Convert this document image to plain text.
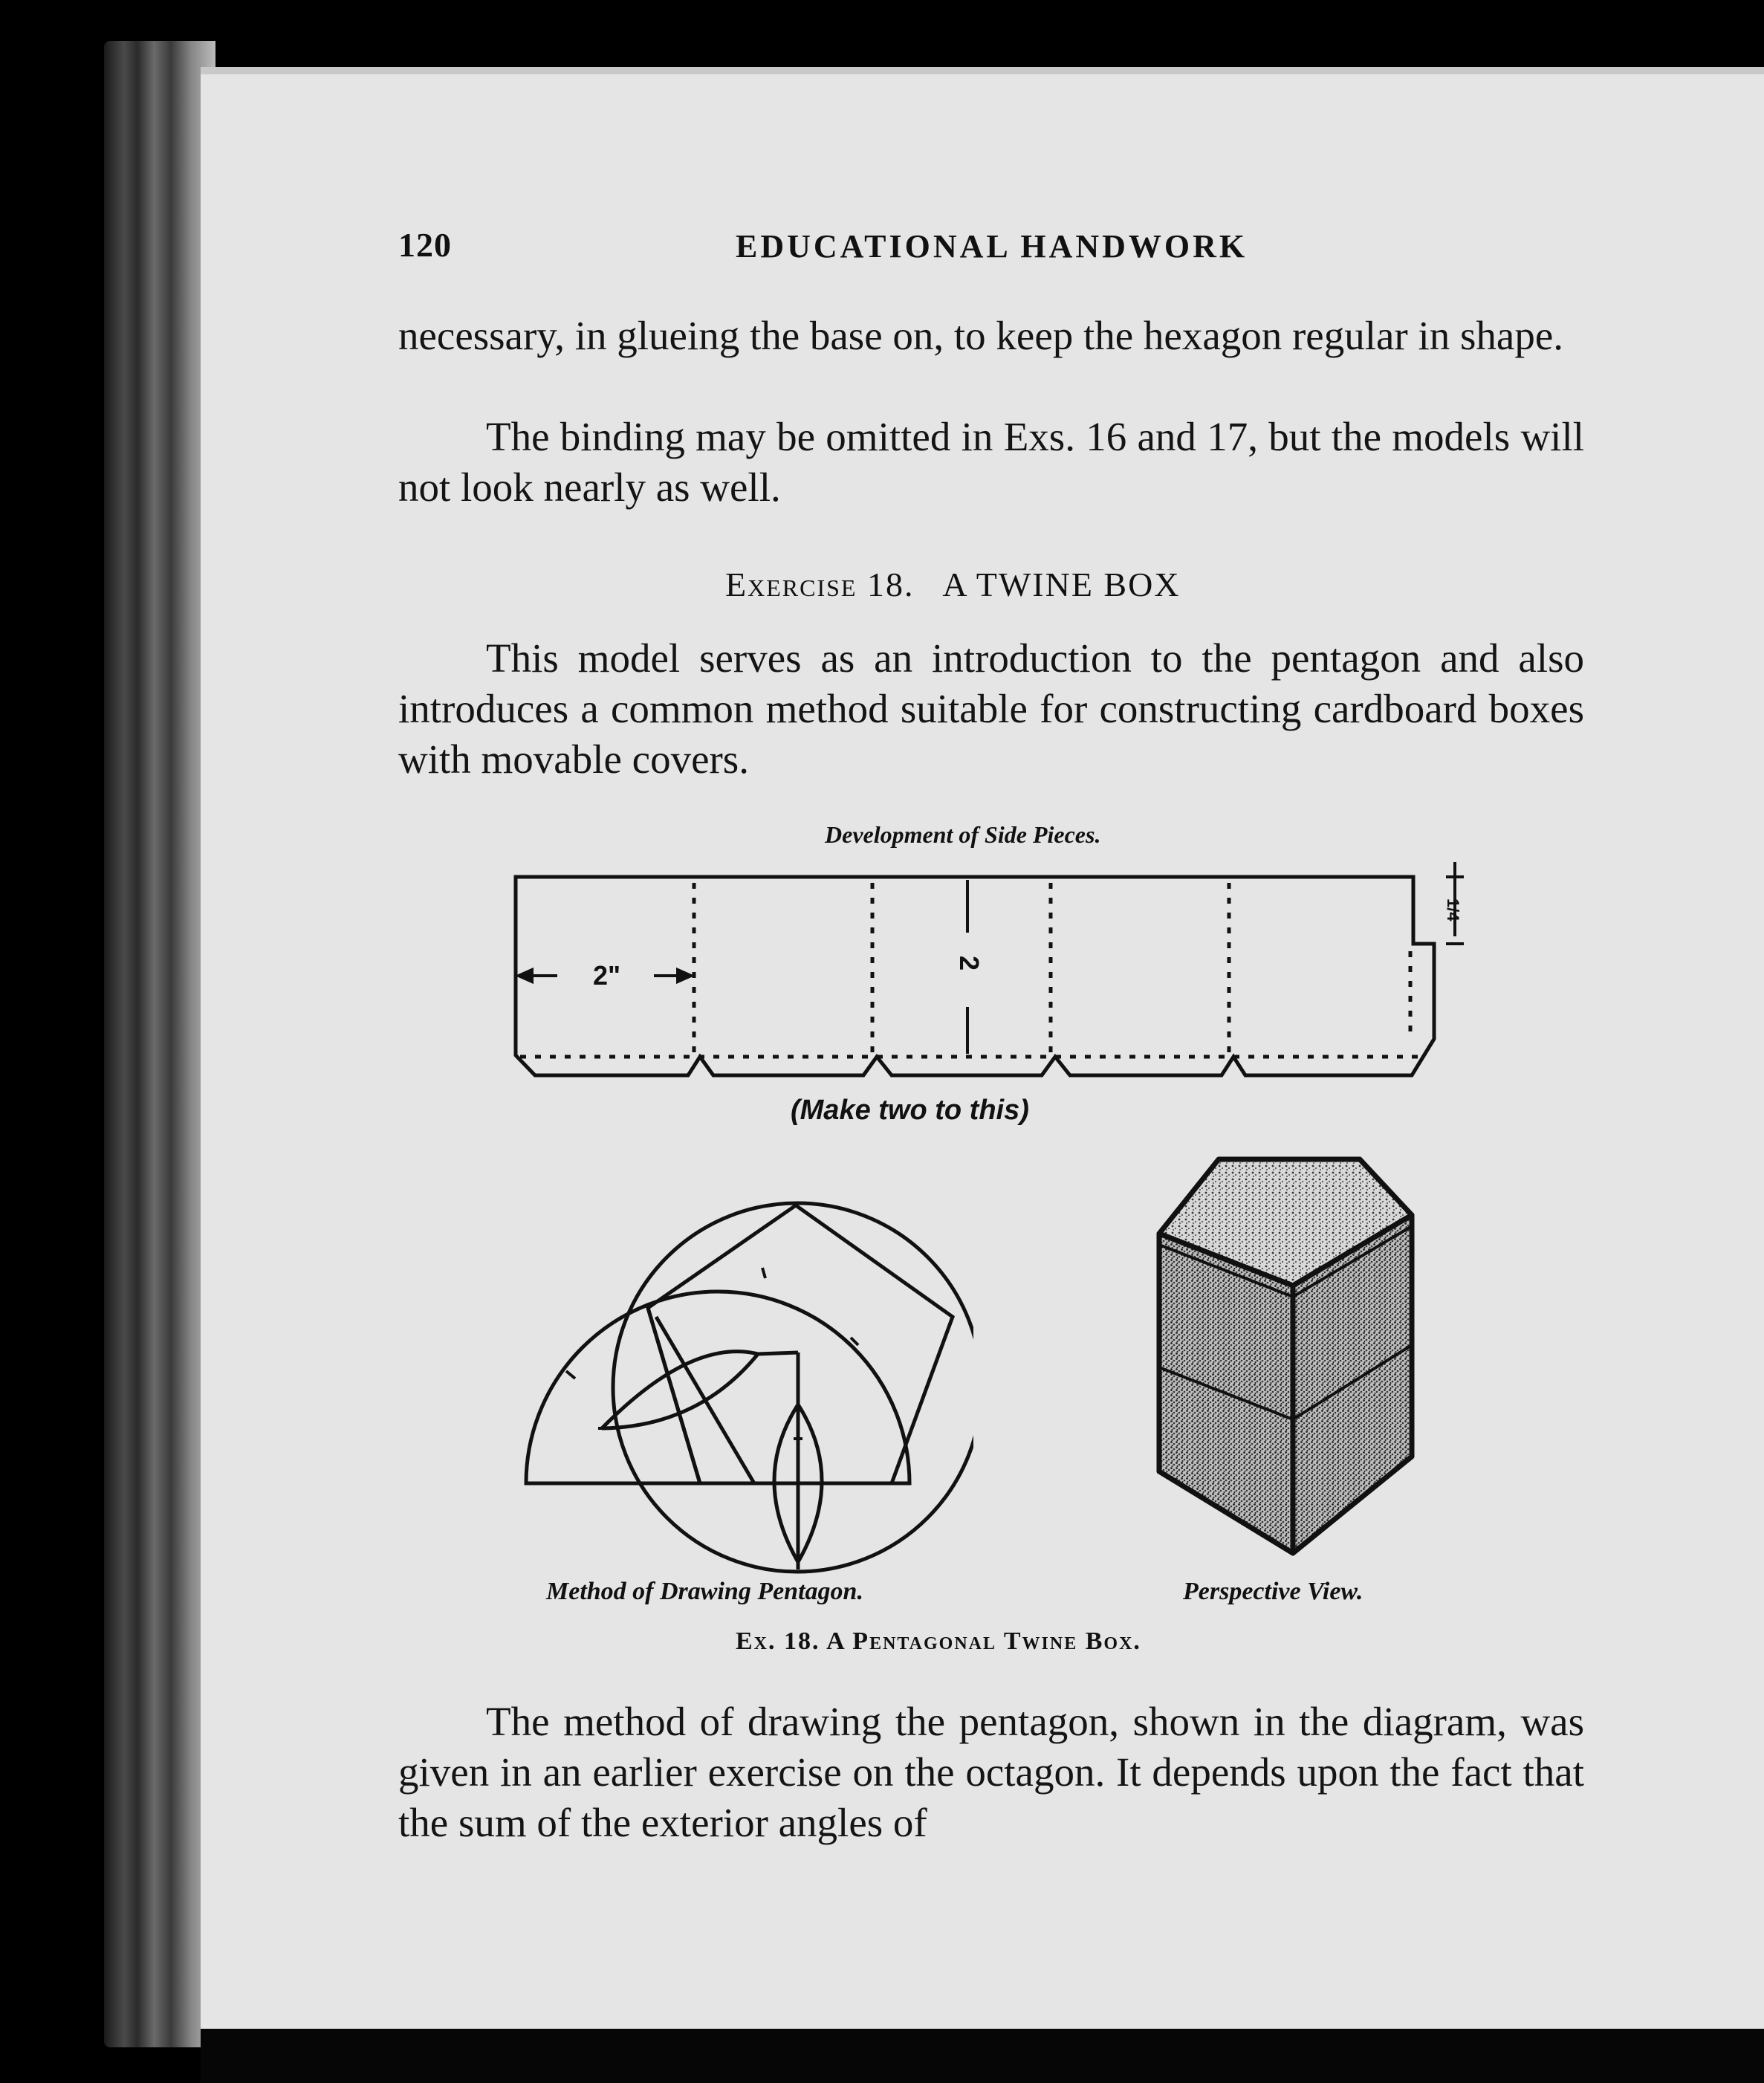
120	EDUCATIONAL HANDWORK
necessary, in glueing the base on, to keep the hexagon regular in shape.
The binding may be omitted in Exs. 16 and 17, but the models will not look nearly as well.
Exercise 18. A TWINE BOX
This model serves as an introduction to the pentagon and also introduces a common method suitable for constructing cardboard boxes with movable covers.
Development of Side Pieces.
2"	2
1/4
(Make two to this)
Method of Drawing Pentagon.	Perspective View.
Ex. 18. A Pentagonal Twine Box.
The method of drawing the pentagon, shown in the diagram, was given in an earlier exercise on the octagon. It depends upon the fact that the sum of the exterior angles of
